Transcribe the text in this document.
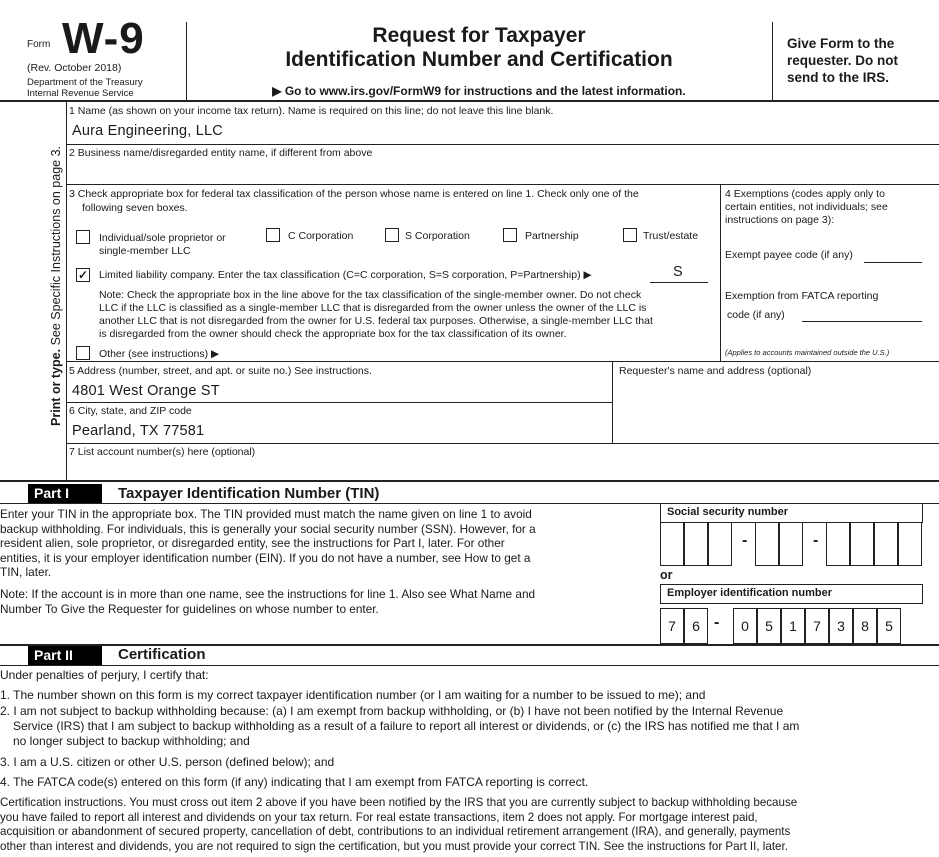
Form W-9
(Rev. October 2018)
Department of the Treasury
Internal Revenue Service
Request for Taxpayer
Identification Number and Certification
▶ Go to www.irs.gov/FormW9 for instructions and the latest information.
Give Form to the requester. Do not send to the IRS.
Print or type. See Specific Instructions on page 3.
1 Name (as shown on your income tax return). Name is required on this line; do not leave this line blank.
Aura Engineering, LLC
2 Business name/disregarded entity name, if different from above
3 Check appropriate box for federal tax classification of the person whose name is entered on line 1. Check only one of the
following seven boxes.
Individual/sole proprietor or
single-member LLC
C Corporation	S Corporation	Partnership	Trust/estate
✓ Limited liability company. Enter the tax classification (C=C corporation, S=S corporation, P=Partnership) ▶	S
Note: Check the appropriate box in the line above for the tax classification of the single-member owner. Do not check
LLC if the LLC is classified as a single-member LLC that is disregarded from the owner unless the owner of the LLC is
another LLC that is not disregarded from the owner for U.S. federal tax purposes. Otherwise, a single-member LLC that
is disregarded from the owner should check the appropriate box for the tax classification of its owner.
Other (see instructions) ▶
4 Exemptions (codes apply only to
certain entities, not individuals; see
instructions on page 3):
Exempt payee code (if any)
Exemption from FATCA reporting
code (if any)
(Applies to accounts maintained outside the U.S.)
5 Address (number, street, and apt. or suite no.) See instructions.
4801 West Orange ST
Requester's name and address (optional)
6 City, state, and ZIP code
Pearland, TX 77581
7 List account number(s) here (optional)
Part I	Taxpayer Identification Number (TIN)
Enter your TIN in the appropriate box. The TIN provided must match the name given on line 1 to avoid
backup withholding. For individuals, this is generally your social security number (SSN). However, for a
resident alien, sole proprietor, or disregarded entity, see the instructions for Part I, later. For other
entities, it is your employer identification number (EIN). If you do not have a number, see How to get a
TIN, later.
Note: If the account is in more than one name, see the instructions for line 1. Also see What Name and
Number To Give the Requester for guidelines on whose number to enter.
Social security number
-	-
or
Employer identification number
7	6 -	0	5	1	7	3	8	5
Part II	Certification
Under penalties of perjury, I certify that:
1. The number shown on this form is my correct taxpayer identification number (or I am waiting for a number to be issued to me); and
2. I am not subject to backup withholding because: (a) I am exempt from backup withholding, or (b) I have not been notified by the Internal Revenue
Service (IRS) that I am subject to backup withholding as a result of a failure to report all interest or dividends, or (c) the IRS has notified me that I am
no longer subject to backup withholding; and
3. I am a U.S. citizen or other U.S. person (defined below); and
4. The FATCA code(s) entered on this form (if any) indicating that I am exempt from FATCA reporting is correct.
Certification instructions. You must cross out item 2 above if you have been notified by the IRS that you are currently subject to backup withholding because
you have failed to report all interest and dividends on your tax return. For real estate transactions, item 2 does not apply. For mortgage interest paid,
acquisition or abandonment of secured property, cancellation of debt, contributions to an individual retirement arrangement (IRA), and generally, payments
other than interest and dividends, you are not required to sign the certification, but you must provide your correct TIN. See the instructions for Part II, later.
